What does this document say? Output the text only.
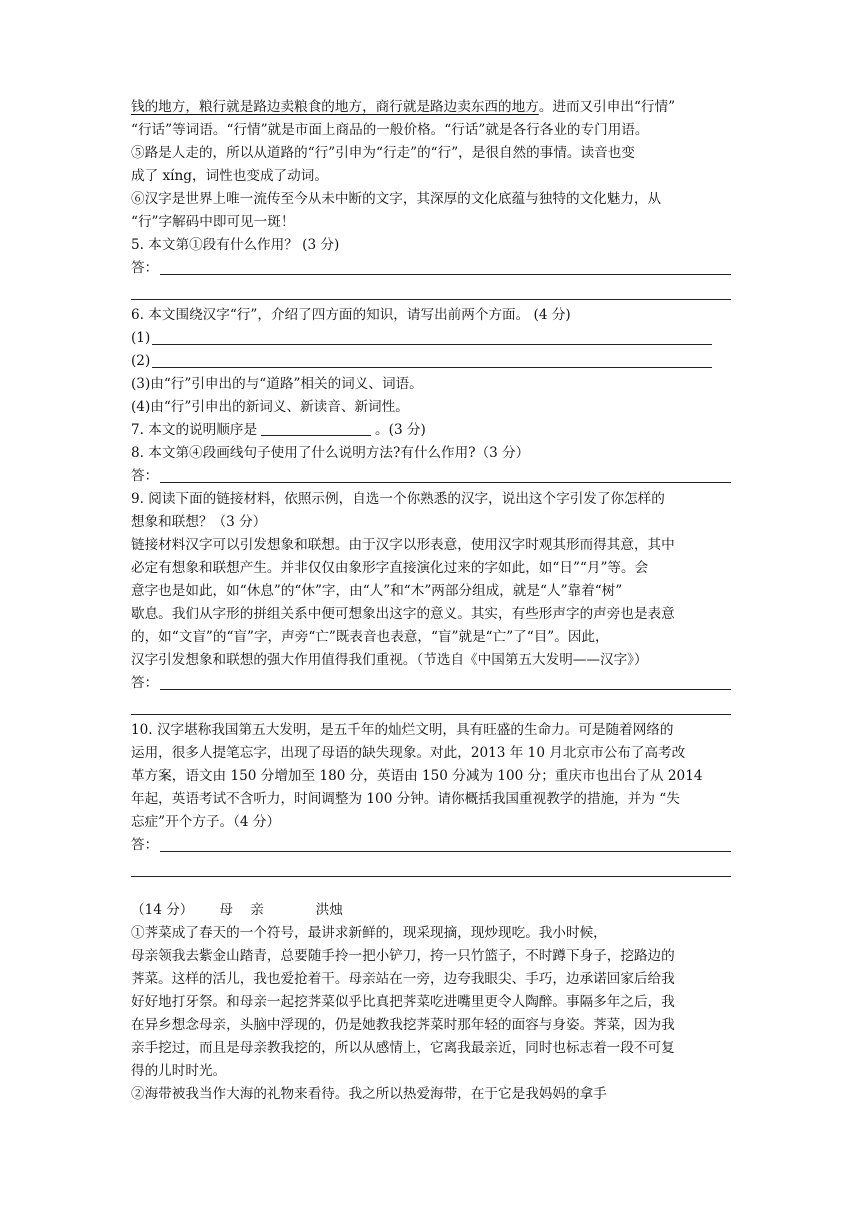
钱的地方，粮行就是路边卖粮食的地方，商行就是路边卖东西的地方。进而又引申出“行情”
“行话”等词语。“行情”就是市面上商品的一般价格。“行话”就是各行各业的专门用语。
⑤路是人走的，所以从道路的“行”引申为“行走”的“行”，是很自然的事情。读音也变
成了 xíng，词性也变成了动词。
⑥汉字是世界上唯一流传至今从未中断的文字，其深厚的文化底蕴与独特的文化魅力，从
“行”字解码中即可见一斑！
5. 本文第①段有什么作用？ (3 分)
答：
6. 本文围绕汉字“行”，介绍了四方面的知识，请写出前两个方面。 (4 分)
(1)
(2)
(3)由“行”引申出的与“道路”相关的词义、词语。
(4)由“行”引申出的新词义、新读音、新词性。
7. 本文的说明顺序是	。(3 分)
8. 本文第④段画线句子使用了什么说明方法?有什么作用?（3 分）
答：
9. 阅读下面的链接材料，依照示例，自选一个你熟悉的汉字，说出这个字引发了你怎样的
想象和联想？（3 分）
链接材料汉字可以引发想象和联想。由于汉字以形表意，使用汉字时观其形而得其意，其中
必定有想象和联想产生。并非仅仅由象形字直接演化过来的字如此，如“日”“月”等。会
意字也是如此，如“休息”的“休”字，由“人”和“木”两部分组成，就是“人”靠着“树”
歇息。我们从字形的拼组关系中便可想象出这字的意义。其实，有些形声字的声旁也是表意
的，如“文盲”的“盲”字，声旁“亡”既表音也表意，“盲”就是“亡”了“目”。因此，
汉字引发想象和联想的强大作用值得我们重视。（节选自《中国第五大发明——汉字》）
答：
10. 汉字堪称我国第五大发明，是五千年的灿烂文明，具有旺盛的生命力。可是随着网络的
运用，很多人提笔忘字，出现了母语的缺失现象。对此，2013 年 10 月北京市公布了高考改
革方案，语文由 150 分增加至 180 分，英语由 150 分减为 100 分；重庆市也出台了从 2014
年起，英语考试不含听力，时间调整为 100 分钟。请你概括我国重视教学的措施，并为 “失
忘症”开个方子。（4 分）
答：
（14 分）      母    亲            洪烛
①荠菜成了春天的一个符号，最讲求新鲜的，现采现摘，现炒现吃。我小时候，
母亲领我去紫金山踏青，总要随手拎一把小铲刀，挎一只竹篮子，不时蹲下身子，挖路边的
荠菜。这样的活儿，我也爱抢着干。母亲站在一旁，边夸我眼尖、手巧，边承诺回家后给我
好好地打牙祭。和母亲一起挖荠菜似乎比真把荠菜吃进嘴里更令人陶醉。事隔多年之后，我
在异乡想念母亲，头脑中浮现的，仍是她教我挖荠菜时那年轻的面容与身姿。荠菜，因为我
亲手挖过，而且是母亲教我挖的，所以从感情上，它离我最亲近，同时也标志着一段不可复
得的儿时时光。
②海带被我当作大海的礼物来看待。我之所以热爱海带，在于它是我妈妈的拿手
